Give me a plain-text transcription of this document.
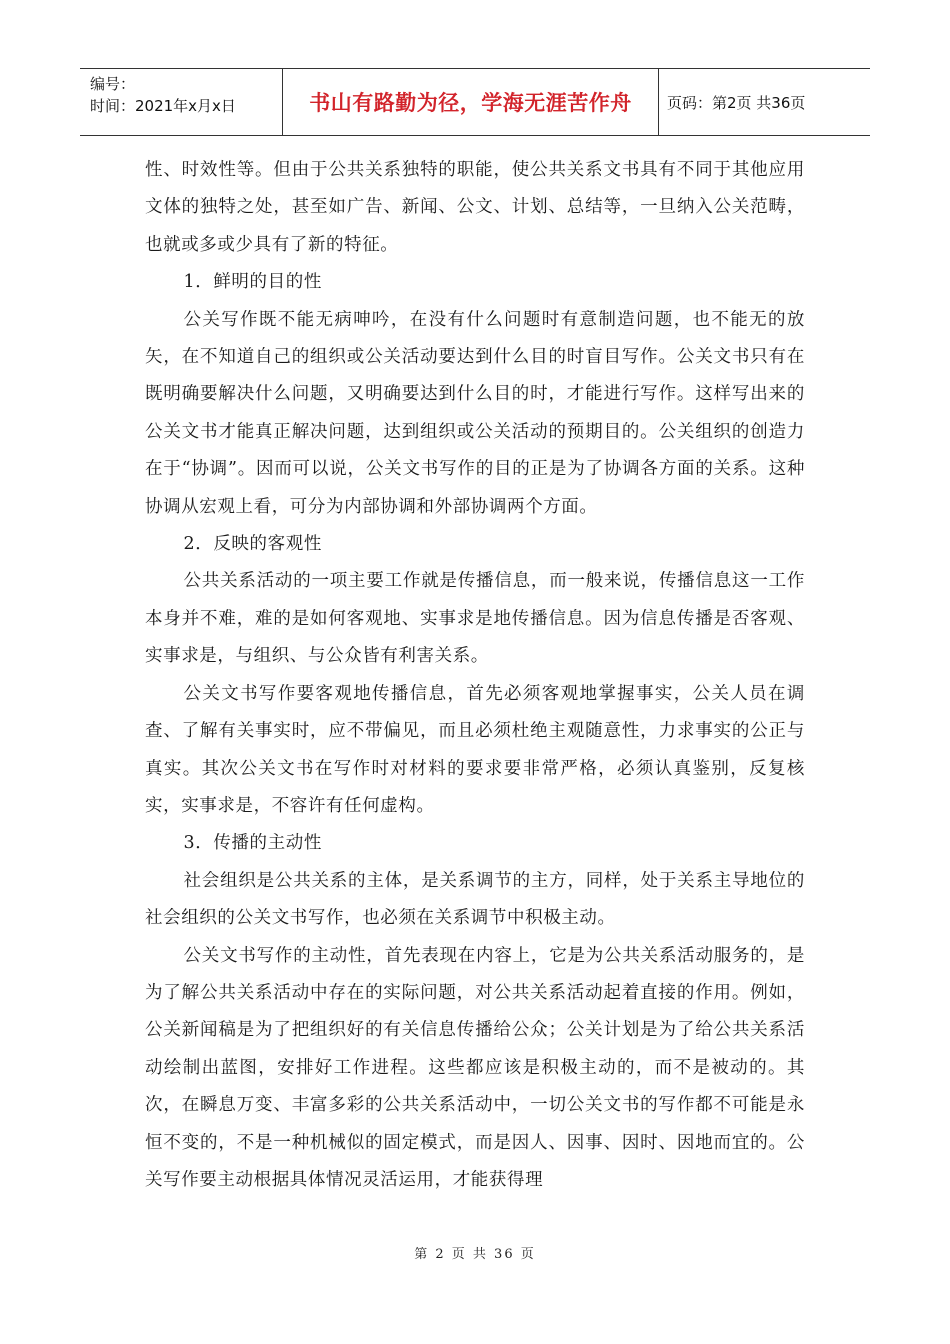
编号：
时间：2021年x月x日	书山有路勤为径，学海无涯苦作舟	页码：第2页 共36页

性、时效性等。但由于公共关系独特的职能，使公共关系文书具有不同于其他应用文体的独特之处，甚至如广告、新闻、公文、计划、总结等，一旦纳入公关范畴，也就或多或少具有了新的特征。

1．鲜明的目的性

公关写作既不能无病呻吟，在没有什么问题时有意制造问题，也不能无的放矢，在不知道自己的组织或公关活动要达到什么目的时盲目写作。公关文书只有在既明确要解决什么问题，又明确要达到什么目的时，才能进行写作。这样写出来的公关文书才能真正解决问题，达到组织或公关活动的预期目的。公关组织的创造力在于“协调”。因而可以说，公关文书写作的目的正是为了协调各方面的关系。这种协调从宏观上看，可分为内部协调和外部协调两个方面。

2．反映的客观性

公共关系活动的一项主要工作就是传播信息，而一般来说，传播信息这一工作本身并不难，难的是如何客观地、实事求是地传播信息。因为信息传播是否客观、实事求是，与组织、与公众皆有利害关系。

公关文书写作要客观地传播信息，首先必须客观地掌握事实，公关人员在调查、了解有关事实时，应不带偏见，而且必须杜绝主观随意性，力求事实的公正与真实。其次公关文书在写作时对材料的要求要非常严格，必须认真鉴别，反复核实，实事求是，不容许有任何虚构。

3．传播的主动性

社会组织是公共关系的主体，是关系调节的主方，同样，处于关系主导地位的社会组织的公关文书写作，也必须在关系调节中积极主动。

公关文书写作的主动性，首先表现在内容上，它是为公共关系活动服务的，是为了解公共关系活动中存在的实际问题，对公共关系活动起着直接的作用。例如，公关新闻稿是为了把组织好的有关信息传播给公众；公关计划是为了给公共关系活动绘制出蓝图，安排好工作进程。这些都应该是积极主动的，而不是被动的。其次，在瞬息万变、丰富多彩的公共关系活动中，一切公关文书的写作都不可能是永恒不变的，不是一种机械似的固定模式，而是因人、因事、因时、因地而宜的。公关写作要主动根据具体情况灵活运用，才能获得理

第 2 页 共 36 页
